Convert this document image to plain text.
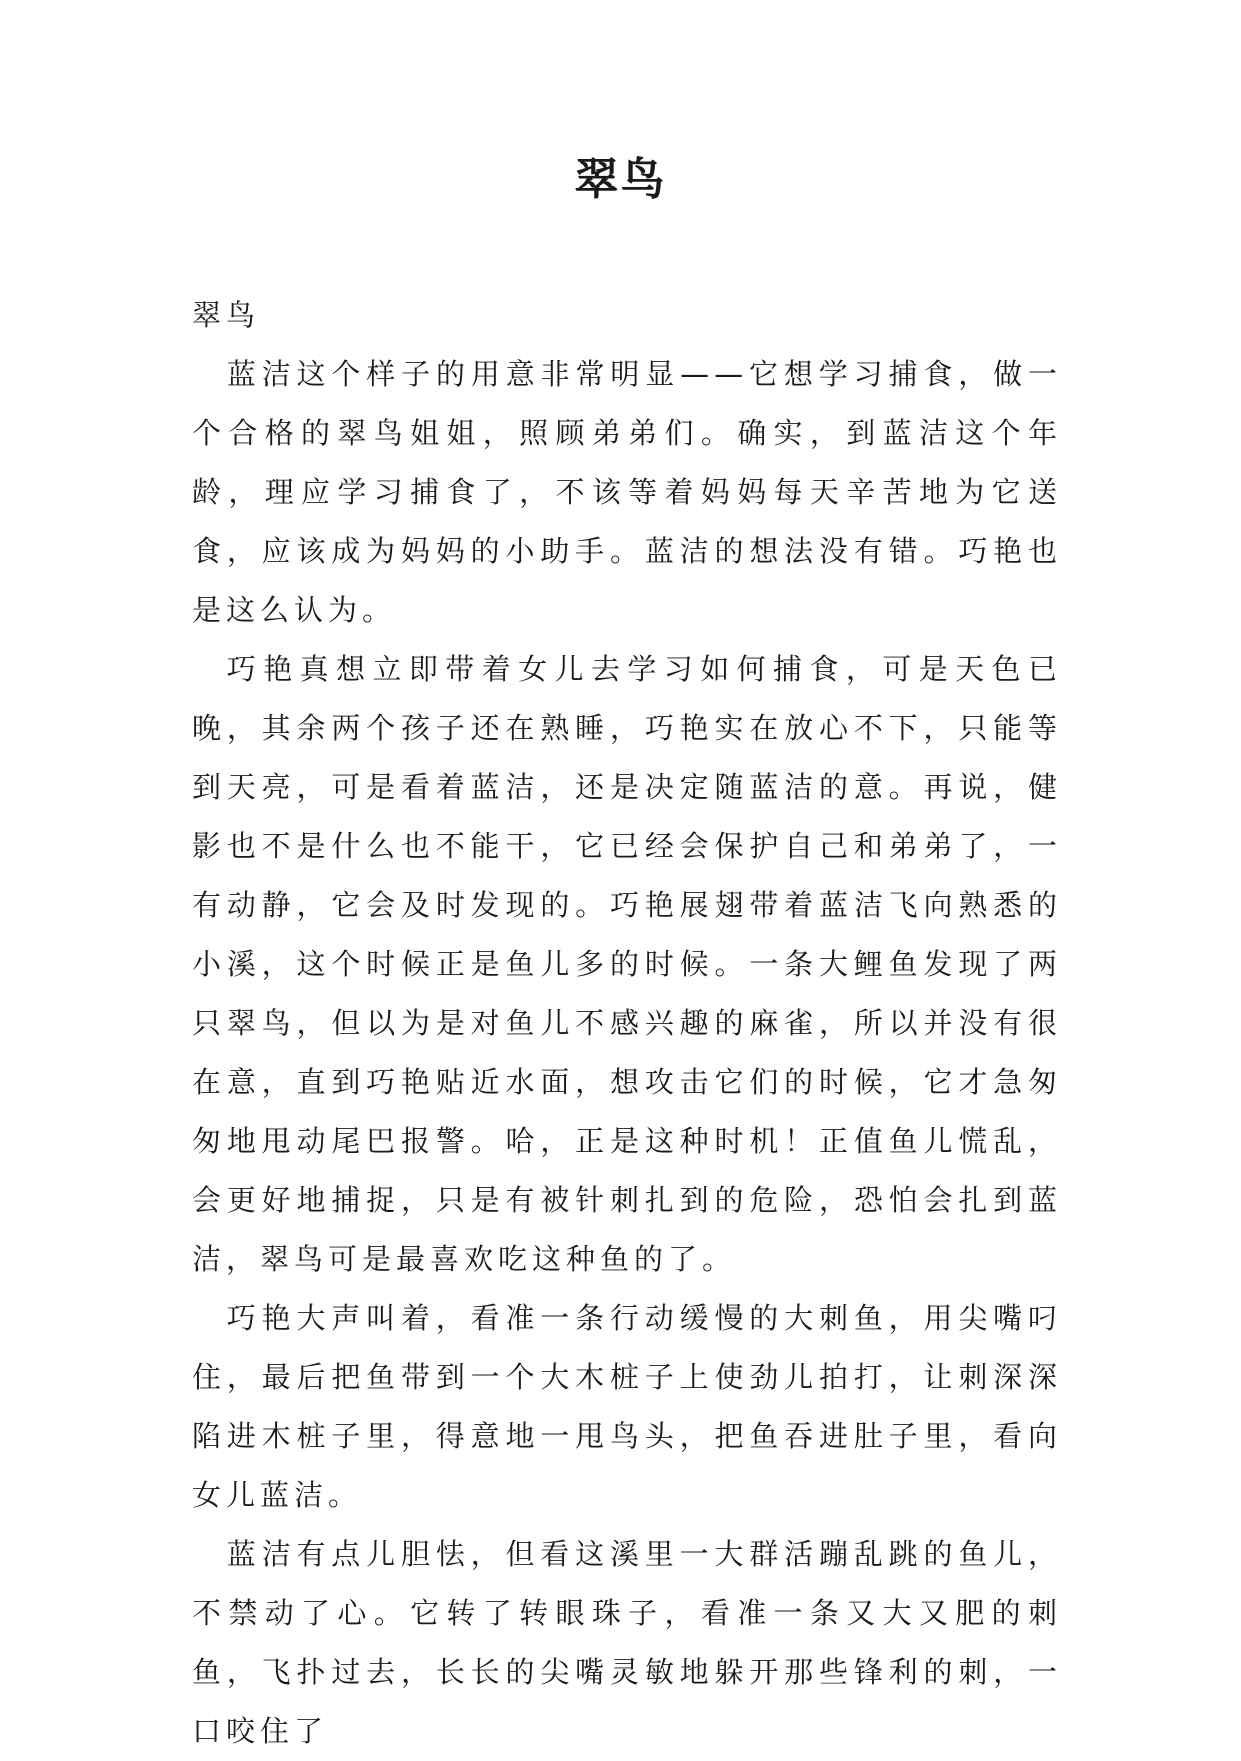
翠鸟

翠鸟

蓝洁这个样子的用意非常明显——它想学习捕食，做一个合格的翠鸟姐姐，照顾弟弟们。确实，到蓝洁这个年龄，理应学习捕食了，不该等着妈妈每天辛苦地为它送食，应该成为妈妈的小助手。蓝洁的想法没有错。巧艳也是这么认为。

巧艳真想立即带着女儿去学习如何捕食，可是天色已晚，其余两个孩子还在熟睡，巧艳实在放心不下，只能等到天亮，可是看着蓝洁，还是决定随蓝洁的意。再说，健影也不是什么也不能干，它已经会保护自己和弟弟了，一有动静，它会及时发现的。巧艳展翅带着蓝洁飞向熟悉的小溪，这个时候正是鱼儿多的时候。一条大鲤鱼发现了两只翠鸟，但以为是对鱼儿不感兴趣的麻雀，所以并没有很在意，直到巧艳贴近水面，想攻击它们的时候，它才急匆匆地甩动尾巴报警。哈，正是这种时机！正值鱼儿慌乱，会更好地捕捉，只是有被针刺扎到的危险，恐怕会扎到蓝洁，翠鸟可是最喜欢吃这种鱼的了。

巧艳大声叫着，看准一条行动缓慢的大刺鱼，用尖嘴叼住，最后把鱼带到一个大木桩子上使劲儿拍打，让刺深深陷进木桩子里，得意地一甩鸟头，把鱼吞进肚子里，看向女儿蓝洁。

蓝洁有点儿胆怯，但看这溪里一大群活蹦乱跳的鱼儿，不禁动了心。它转了转眼珠子，看准一条又大又肥的刺鱼，飞扑过去，长长的尖嘴灵敏地躲开那些锋利的刺，一口咬住了
